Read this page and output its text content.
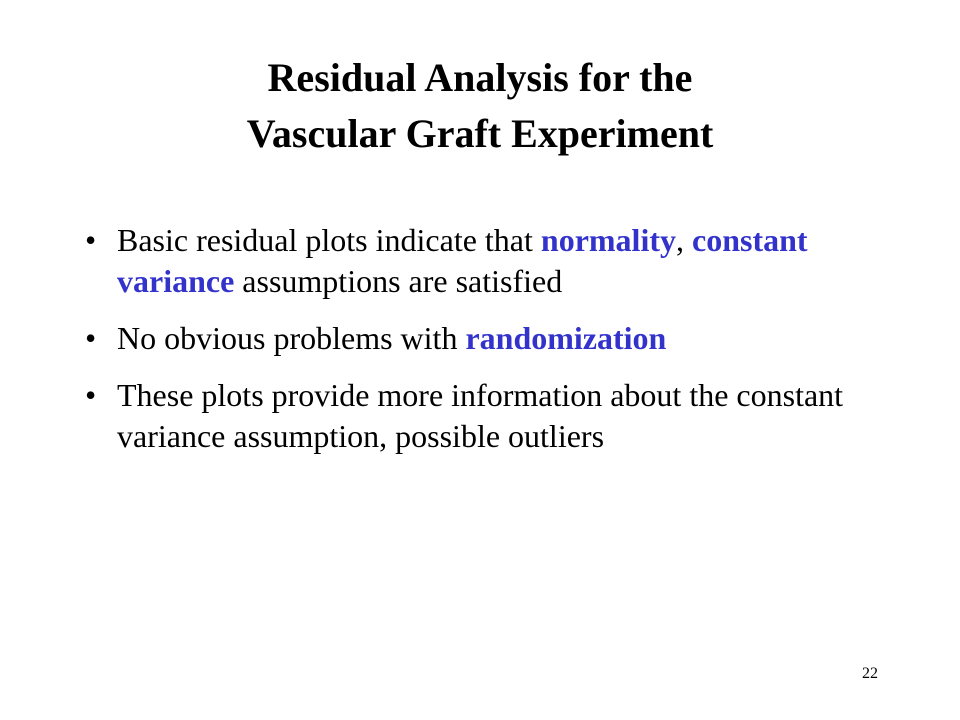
Residual Analysis for the
Vascular Graft Experiment
• Basic residual plots indicate that normality, constant variance assumptions are satisfied
• No obvious problems with randomization
• These plots provide more information about the constant variance assumption, possible outliers
22
